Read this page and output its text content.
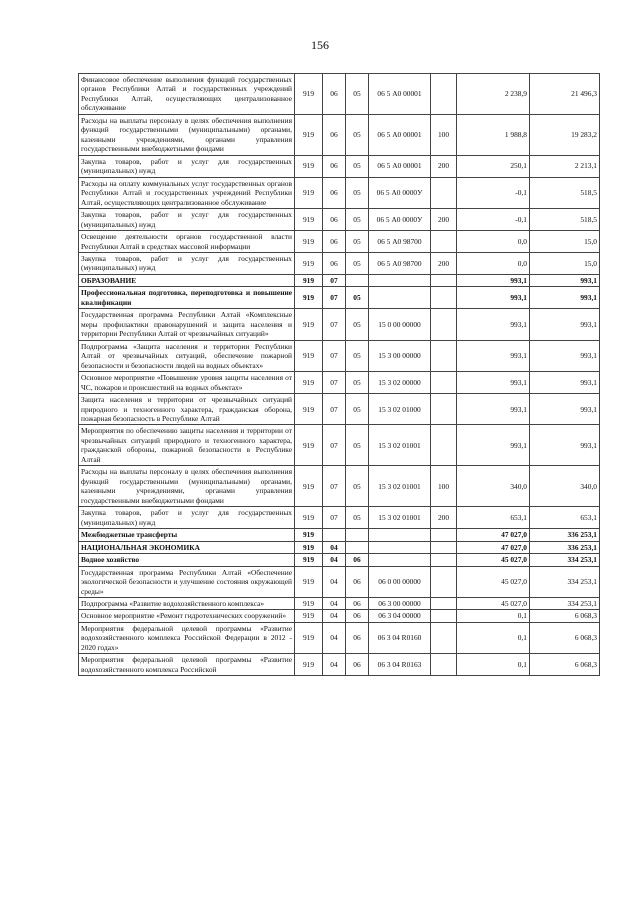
156
Финансовое обеспечение выполнения функций государственных органов Республики Алтай и государственных учреждений Республики Алтай, осуществляющих централизованное обслуживание	919	06	05	06 5 А0 00001		2 238,9	21 496,3
Расходы на выплаты персоналу в целях обеспечения выполнения функций государственными (муниципальными) органами, казенными учреждениями, органами управления государственными внебюджетными фондами	919	06	05	06 5 А0 00001	100	1 988,8	19 283,2
Закупка товаров, работ и услуг для государственных (муниципальных) нужд	919	06	05	06 5 А0 00001	200	250,1	2 213,1
Расходы на оплату коммунальных услуг государственных органов Республики Алтай и государственных учреждений Республики Алтай, осуществляющих централизованное обслуживание	919	06	05	06 5 А0 0000У		-0,1	518,5
Закупка товаров, работ и услуг для государственных (муниципальных) нужд	919	06	05	06 5 А0 0000У	200	-0,1	518,5
Освещение деятельности органов государственной власти Республики Алтай в средствах массовой информации	919	06	05	06 5 А0 98700		0,0	15,0
Закупка товаров, работ и услуг для государственных (муниципальных) нужд	919	06	05	06 5 А0 98700	200	0,0	15,0
ОБРАЗОВАНИЕ	919	07				993,1	993,1
Профессиональная подготовка, переподготовка и повышение квалификации	919	07	05			993,1	993,1
Государственная программа Республики Алтай «Комплексные меры профилактики правонарушений и защита населения и территории Республики Алтай от чрезвычайных ситуаций»	919	07	05	15 0 00 00000		993,1	993,1
Подпрограмма «Защита населения и территории Республики Алтай от чрезвычайных ситуаций, обеспечение пожарной безопасности и безопасности людей на водных объектах»	919	07	05	15 3 00 00000		993,1	993,1
Основное мероприятие «Повышение уровня защиты населения от ЧС, пожаров и происшествий на водных объектах»	919	07	05	15 3 02 00000		993,1	993,1
Защита населения и территории от чрезвычайных ситуаций природного и техногенного характера, гражданская оборона, пожарная безопасность в Республике Алтай	919	07	05	15 3 02 01000		993,1	993,1
Мероприятия по обеспечению защиты населения и территории от чрезвычайных ситуаций природного и техногенного характера, гражданской обороны, пожарной безопасности в Республике Алтай	919	07	05	15 3 02 01001		993,1	993,1
Расходы на выплаты персоналу в целях обеспечения выполнения функций государственными (муниципальными) органами, казенными учреждениями, органами управления государственными внебюджетными фондами	919	07	05	15 3 02 01001	100	340,0	340,0
Закупка товаров, работ и услуг для государственных (муниципальных) нужд	919	07	05	15 3 02 01001	200	653,1	653,1
Межбюджетные трансферты	919					47 027,0	336 253,1
НАЦИОНАЛЬНАЯ ЭКОНОМИКА	919	04				47 027,0	336 253,1
Водное хозяйство	919	04	06			45 027,0	334 253,1
Государственная программа Республики Алтай «Обеспечение экологической безопасности и улучшение состояния окружающей среды»	919	04	06	06 0 00 00000		45 027,0	334 253,1
Подпрограмма «Развитие водохозяйственного комплекса»	919	04	06	06 3 00 00000		45 027,0	334 253,1
Основное мероприятие «Ремонт гидротехнических сооружений»	919	04	06	06 3 04 00000		0,1	6 068,3
Мероприятия федеральной целевой программы «Развитие водохозяйственного комплекса Российской Федерации в 2012 - 2020 годах»	919	04	06	06 3 04 R0160		0,1	6 068,3
Мероприятия федеральной целевой программы «Развитие водохозяйственного комплекса Российской	919	04	06	06 3 04 R0163		0,1	6 068,3
